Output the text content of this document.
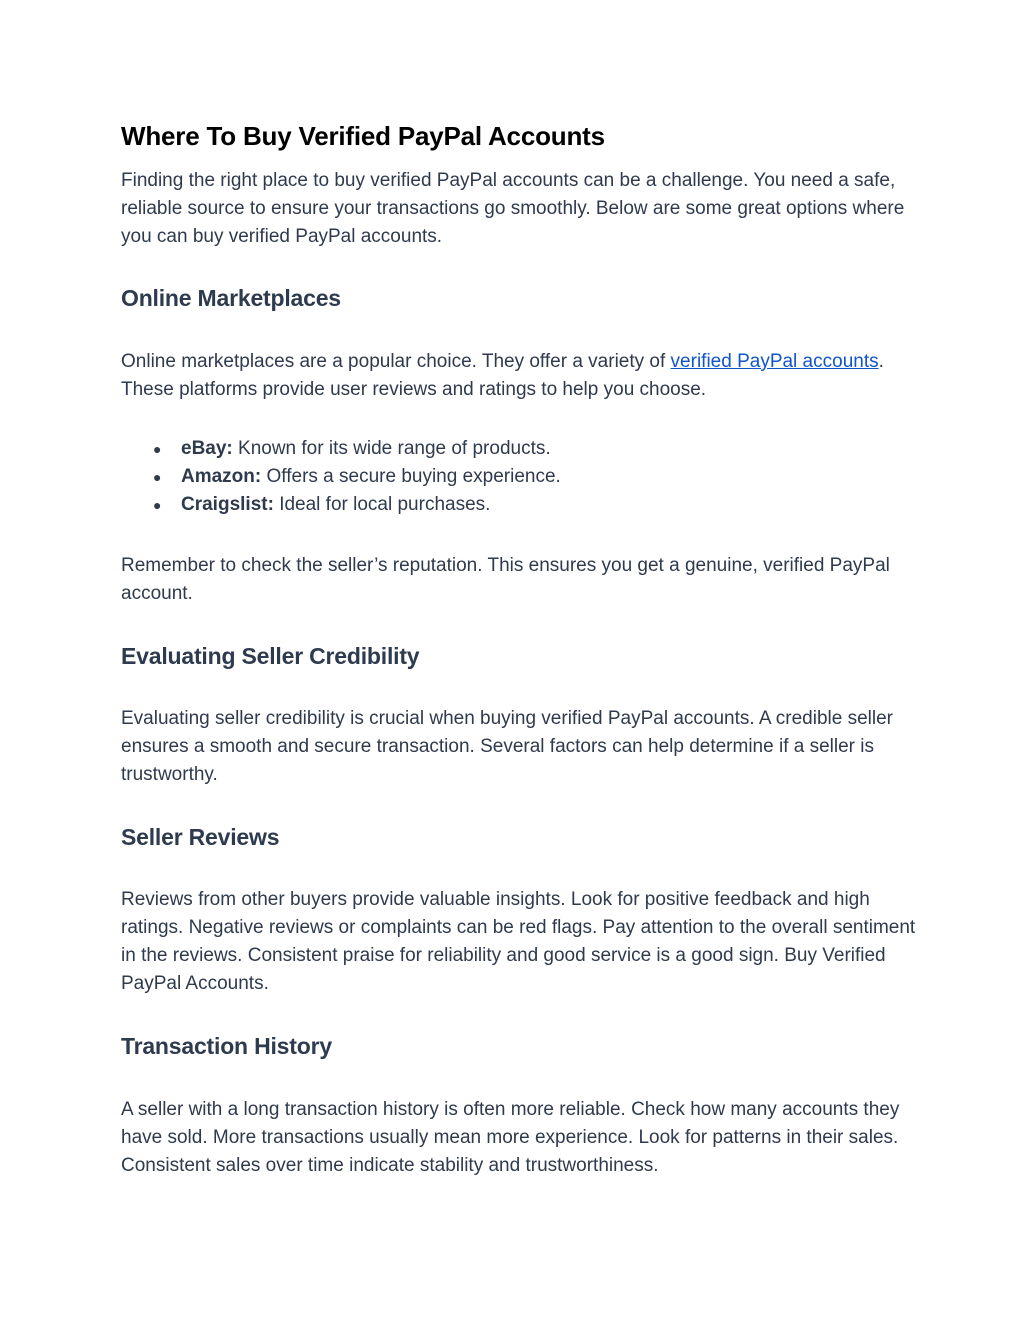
Where To Buy Verified PayPal Accounts

Finding the right place to buy verified PayPal accounts can be a challenge. You need a safe, reliable source to ensure your transactions go smoothly. Below are some great options where you can buy verified PayPal accounts.

Online Marketplaces

Online marketplaces are a popular choice. They offer a variety of verified PayPal accounts. These platforms provide user reviews and ratings to help you choose.

● eBay: Known for its wide range of products.
● Amazon: Offers a secure buying experience.
● Craigslist: Ideal for local purchases.

Remember to check the seller’s reputation. This ensures you get a genuine, verified PayPal account.

Evaluating Seller Credibility

Evaluating seller credibility is crucial when buying verified PayPal accounts. A credible seller ensures a smooth and secure transaction. Several factors can help determine if a seller is trustworthy.

Seller Reviews

Reviews from other buyers provide valuable insights. Look for positive feedback and high ratings. Negative reviews or complaints can be red flags. Pay attention to the overall sentiment in the reviews. Consistent praise for reliability and good service is a good sign. Buy Verified PayPal Accounts.

Transaction History

A seller with a long transaction history is often more reliable. Check how many accounts they have sold. More transactions usually mean more experience. Look for patterns in their sales. Consistent sales over time indicate stability and trustworthiness.
